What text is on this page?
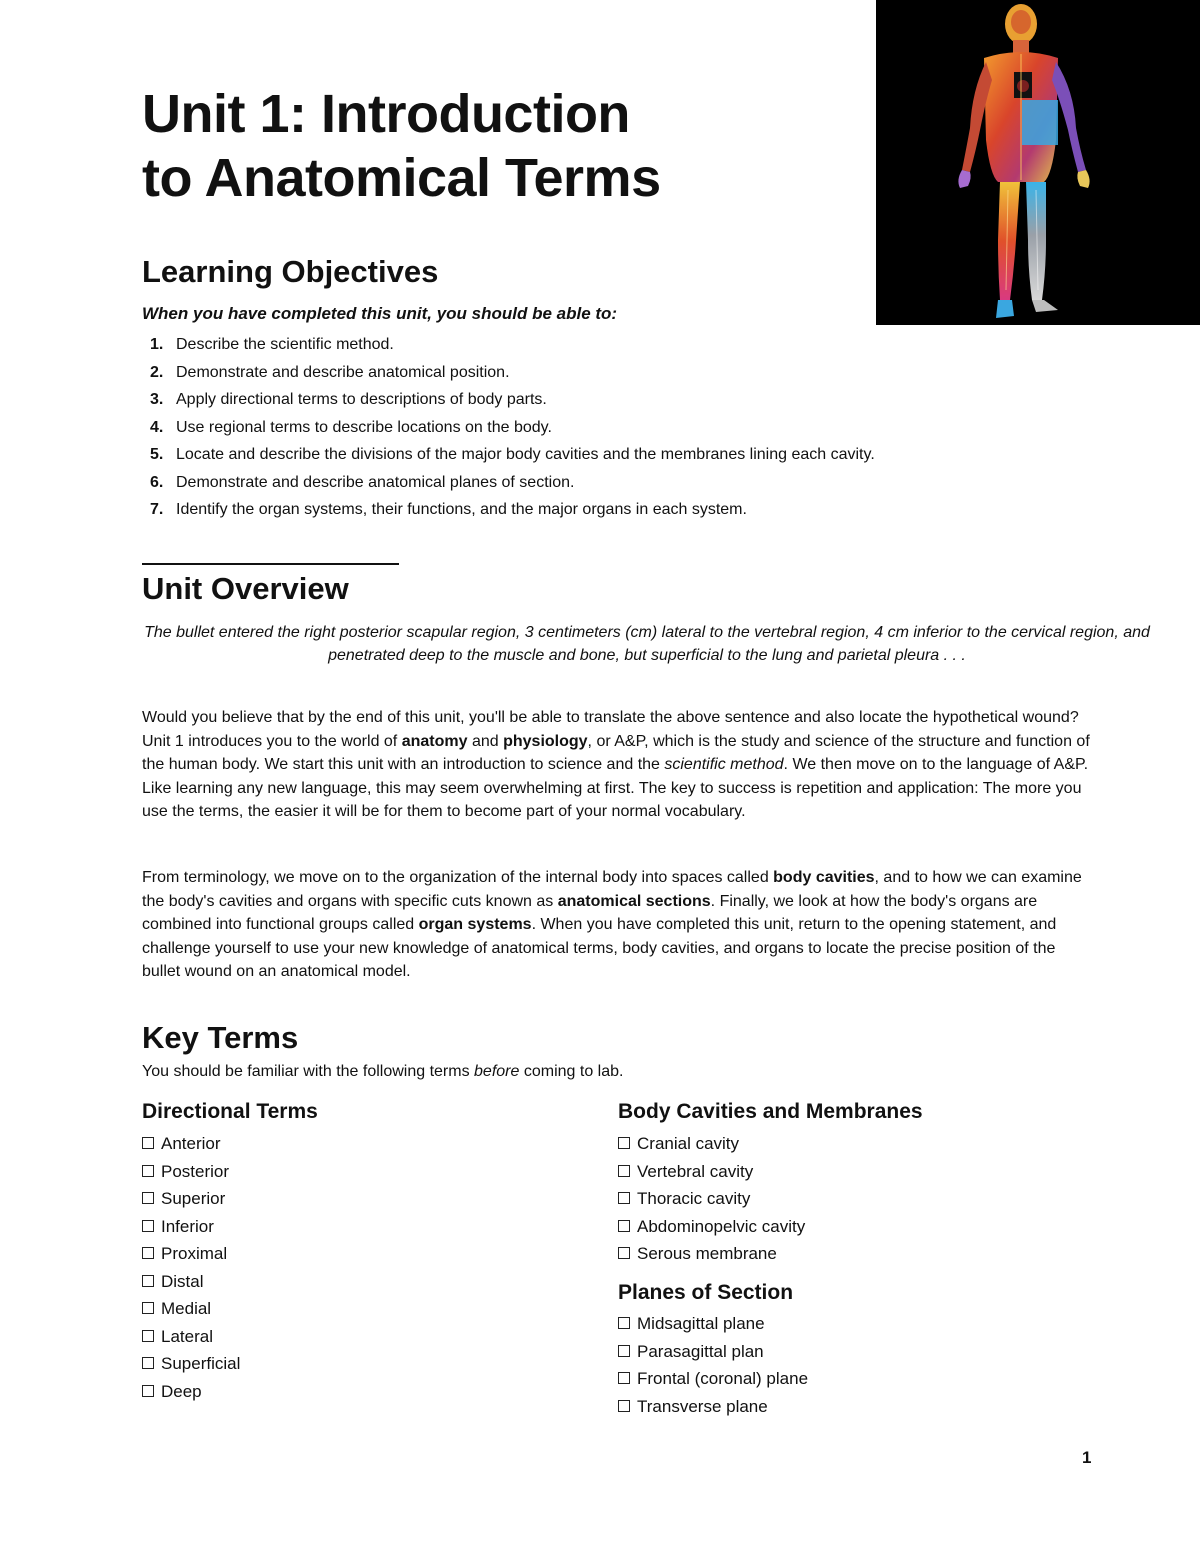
Unit 1: Introduction
to Anatomical Terms
Learning Objectives
When you have completed this unit, you should be able to:
1. Describe the scientific method.
2. Demonstrate and describe anatomical position.
3. Apply directional terms to descriptions of body parts.
4. Use regional terms to describe locations on the body.
5. Locate and describe the divisions of the major body cavities and the membranes lining each cavity.
6. Demonstrate and describe anatomical planes of section.
7. Identify the organ systems, their functions, and the major organs in each system.
Unit Overview

The bullet entered the right posterior scapular region, 3 centimeters (cm) lateral to the vertebral region, 4 cm inferior to the cervical region, and penetrated deep to the muscle and bone, but superficial to the lung and parietal pleura . . .

Would you believe that by the end of this unit, you'll be able to translate the above sentence and also locate the hypothetical wound? Unit 1 introduces you to the world of anatomy and physiology, or A&P, which is the study and science of the structure and function of the human body. We start this unit with an introduction to science and the scientific method. We then move on to the language of A&P. Like learning any new language, this may seem overwhelming at first. The key to success is repetition and application: The more you use the terms, the easier it will be for them to become part of your normal vocabulary.

From terminology, we move on to the organization of the internal body into spaces called body cavities, and to how we can examine the body's cavities and organs with specific cuts known as anatomical sections. Finally, we look at how the body's organs are combined into functional groups called organ systems. When you have completed this unit, return to the opening statement, and challenge yourself to use your new knowledge of anatomical terms, body cavities, and organs to locate the precise position of the bullet wound on an anatomical model.

Key Terms

You should be familiar with the following terms before coming to lab.

Directional Terms
Anterior
Posterior
Superior
Inferior
Proximal
Distal
Medial
Lateral
Superficial
Deep
Body Cavities and Membranes
Cranial cavity
Vertebral cavity
Thoracic cavity
Abdominopelvic cavity
Serous membrane
Planes of Section
Midsagittal plane
Parasagittal plan
Frontal (coronal) plane
Transverse plane
1
